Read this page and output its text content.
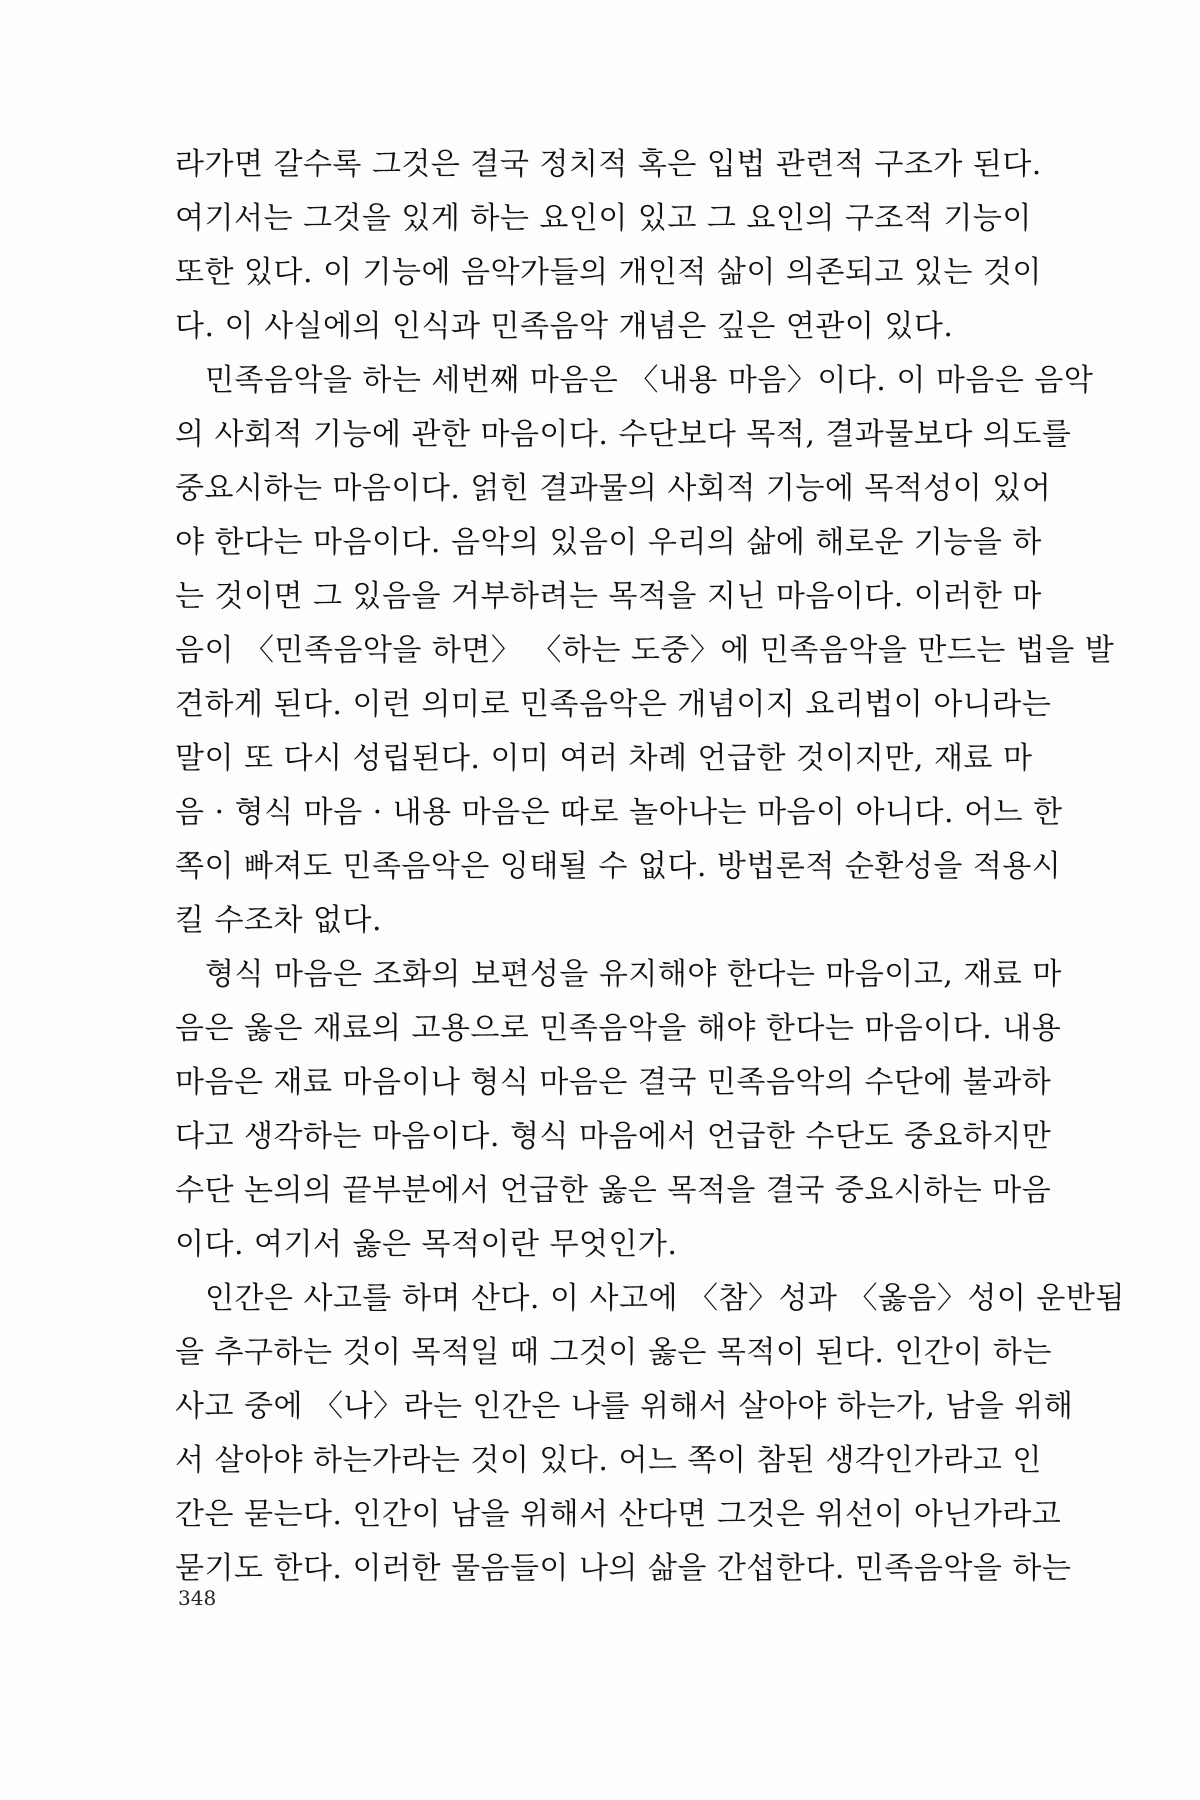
라가면 갈수록 그것은 결국 정치적 혹은 입법 관련적 구조가 된다.
여기서는 그것을 있게 하는 요인이 있고 그 요인의 구조적 기능이
또한 있다. 이 기능에 음악가들의 개인적 삶이 의존되고 있는 것이
다. 이 사실에의 인식과 민족음악 개념은 깊은 연관이 있다.
민족음악을 하는 세번째 마음은 〈내용 마음〉이다. 이 마음은 음악
의 사회적 기능에 관한 마음이다. 수단보다 목적, 결과물보다 의도를
중요시하는 마음이다. 얽힌 결과물의 사회적 기능에 목적성이 있어
야 한다는 마음이다. 음악의 있음이 우리의 삶에 해로운 기능을 하
는 것이면 그 있음을 거부하려는 목적을 지닌 마음이다. 이러한 마
음이 〈민족음악을 하면〉 〈하는 도중〉에 민족음악을 만드는 법을 발
견하게 된다. 이런 의미로 민족음악은 개념이지 요리법이 아니라는
말이 또 다시 성립된다. 이미 여러 차례 언급한 것이지만, 재료 마
음 · 형식 마음 · 내용 마음은 따로 놀아나는 마음이 아니다. 어느 한
쪽이 빠져도 민족음악은 잉태될 수 없다. 방법론적 순환성을 적용시
킬 수조차 없다.
형식 마음은 조화의 보편성을 유지해야 한다는 마음이고, 재료 마
음은 옳은 재료의 고용으로 민족음악을 해야 한다는 마음이다. 내용
마음은 재료 마음이나 형식 마음은 결국 민족음악의 수단에 불과하
다고 생각하는 마음이다. 형식 마음에서 언급한 수단도 중요하지만
수단 논의의 끝부분에서 언급한 옳은 목적을 결국 중요시하는 마음
이다. 여기서 옳은 목적이란 무엇인가.
인간은 사고를 하며 산다. 이 사고에 〈참〉성과 〈옳음〉성이 운반됨
을 추구하는 것이 목적일 때 그것이 옳은 목적이 된다. 인간이 하는
사고 중에 〈나〉라는 인간은 나를 위해서 살아야 하는가, 남을 위해
서 살아야 하는가라는 것이 있다. 어느 쪽이 참된 생각인가라고 인
간은 묻는다. 인간이 남을 위해서 산다면 그것은 위선이 아닌가라고
묻기도 한다. 이러한 물음들이 나의 삶을 간섭한다. 민족음악을 하는
348
